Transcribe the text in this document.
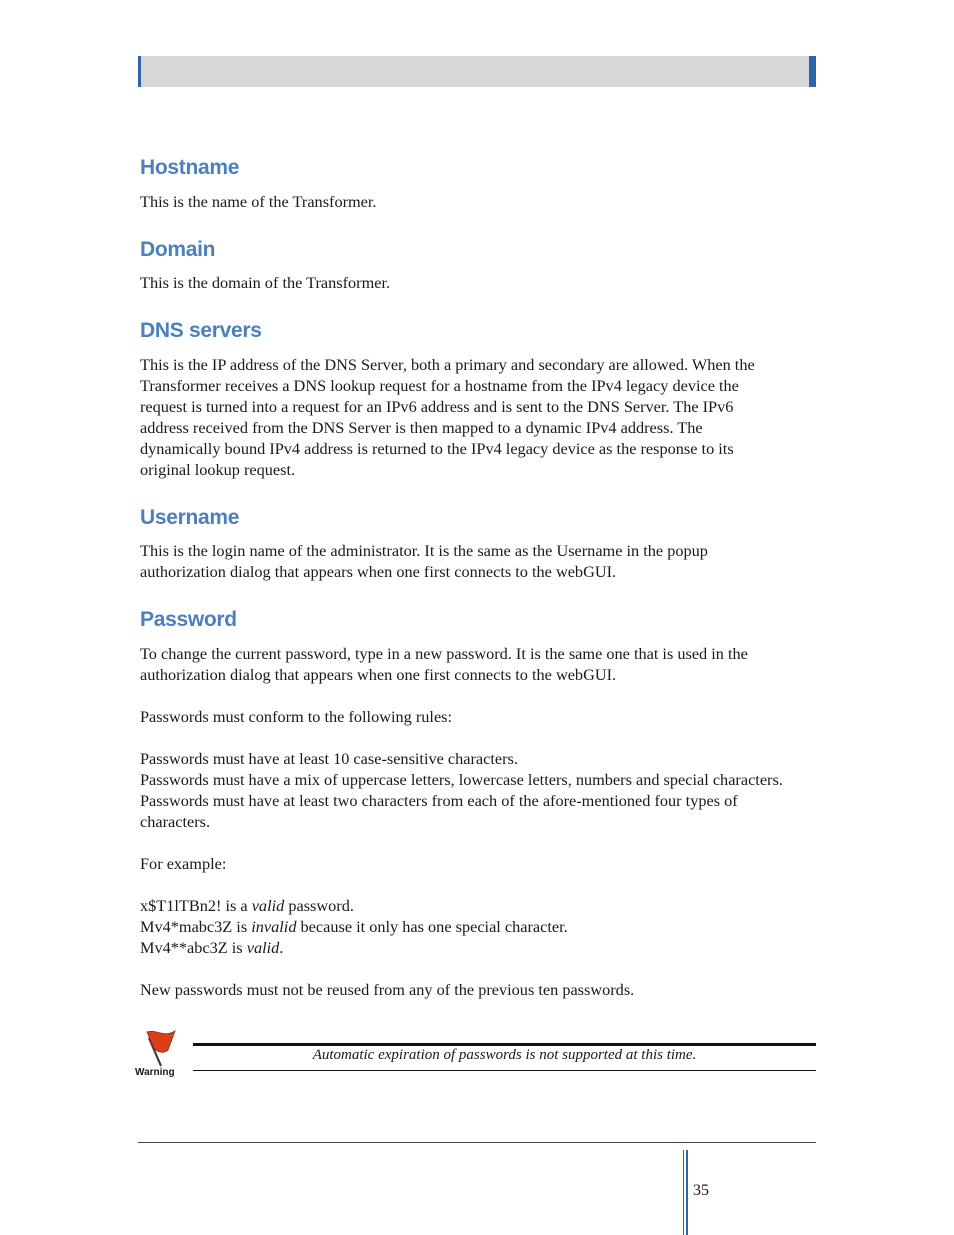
SECTION 8	WEBGUI SYSTEM
Hostname

This is the name of the Transformer.

Domain

This is the domain of the Transformer.

DNS servers
This is the IP address of the DNS Server, both a primary and secondary are allowed. When the
Transformer receives a DNS lookup request for a hostname from the IPv4 legacy device the
request is turned into a request for an IPv6 address and is sent to the DNS Server. The IPv6
address received from the DNS Server is then mapped to a dynamic IPv4 address. The
dynamically bound IPv4 address is returned to the IPv4 legacy device as the response to its
original lookup request.
Username
This is the login name of the administrator. It is the same as the Username in the popup
authorization dialog that appears when one first connects to the webGUI.
Password
To change the current password, type in a new password. It is the same one that is used in the
authorization dialog that appears when one first connects to the webGUI.
Passwords must conform to the following rules:
Passwords must have at least 10 case-sensitive characters.
Passwords must have a mix of uppercase letters, lowercase letters, numbers and special characters.
Passwords must have at least two characters from each of the afore-mentioned four types of
characters.
For example:
x$T1lTBn2! is a valid password.
Mv4*mabc3Z is invalid because it only has one special character.
Mv4**abc3Z is valid.
New passwords must not be reused from any of the previous ten passwords.
Warning
Automatic expiration of passwords is not supported at this time.
35
